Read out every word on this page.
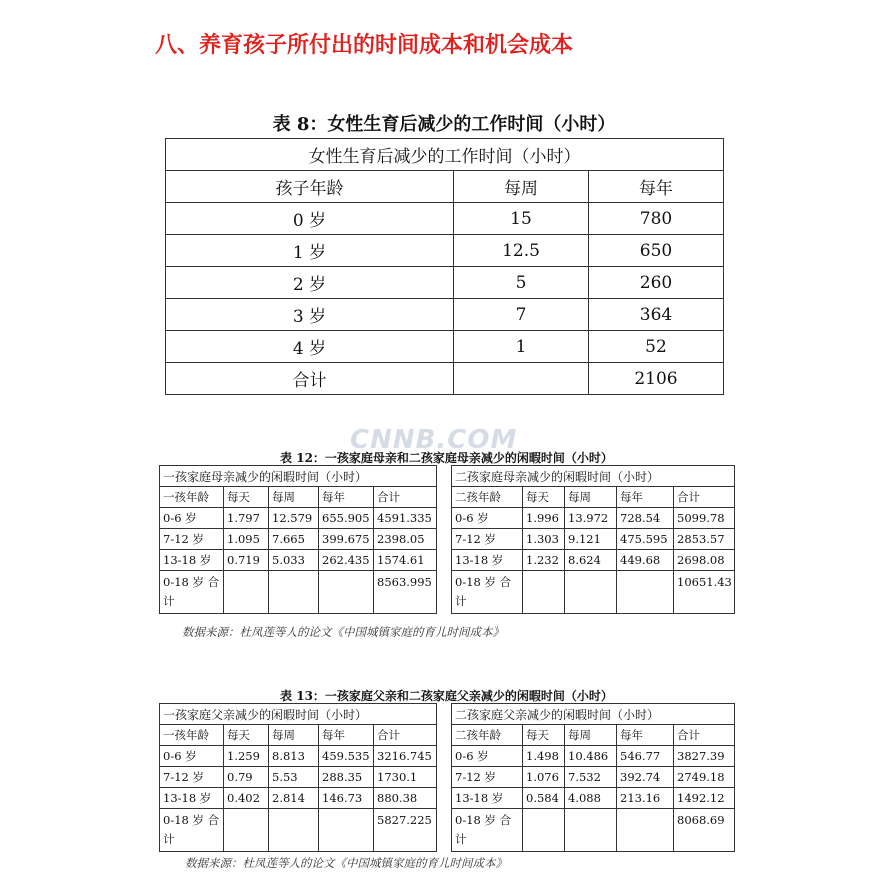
八、养育孩子所付出的时间成本和机会成本
表 8：女性生育后减少的工作时间（小时）
女性生育后减少的工作时间（小时）		
孩子年龄	每周	每年
0 岁	15	780
1 岁	12.5	650
2 岁	5	260
3 岁	7	364
4 岁	1	52
合计		2106
CNNB.COM
表 12：一孩家庭母亲和二孩家庭母亲减少的闲暇时间（小时）
一孩家庭母亲减少的闲暇时间（小时）						二孩家庭母亲减少的闲暇时间（小时）				
一孩年龄	每天	每周	每年	合计		二孩年龄	每天	每周	每年	合计
0-6 岁	1.797	12.579	655.905	4591.335		0-6 岁	1.996	13.972	728.54	5099.78
7-12 岁	1.095	7.665	399.675	2398.05		7-12 岁	1.303	9.121	475.595	2853.57
13-18 岁	0.719	5.033	262.435	1574.61		13-18 岁	1.232	8.624	449.68	2698.08
0-18 岁 合计				8563.995		0-18 岁 合计				10651.43
数据来源：杜凤莲等人的论文《中国城镇家庭的育儿时间成本》
表 13：一孩家庭父亲和二孩家庭父亲减少的闲暇时间（小时）
一孩家庭父亲减少的闲暇时间（小时）						二孩家庭父亲减少的闲暇时间（小时）				
一孩年龄	每天	每周	每年	合计		二孩年龄	每天	每周	每年	合计
0-6 岁	1.259	8.813	459.535	3216.745		0-6 岁	1.498	10.486	546.77	3827.39
7-12 岁	0.79	5.53	288.35	1730.1		7-12 岁	1.076	7.532	392.74	2749.18
13-18 岁	0.402	2.814	146.73	880.38		13-18 岁	0.584	4.088	213.16	1492.12
0-18 岁 合计				5827.225		0-18 岁 合计				8068.69
数据来源：杜凤莲等人的论文《中国城镇家庭的育儿时间成本》
